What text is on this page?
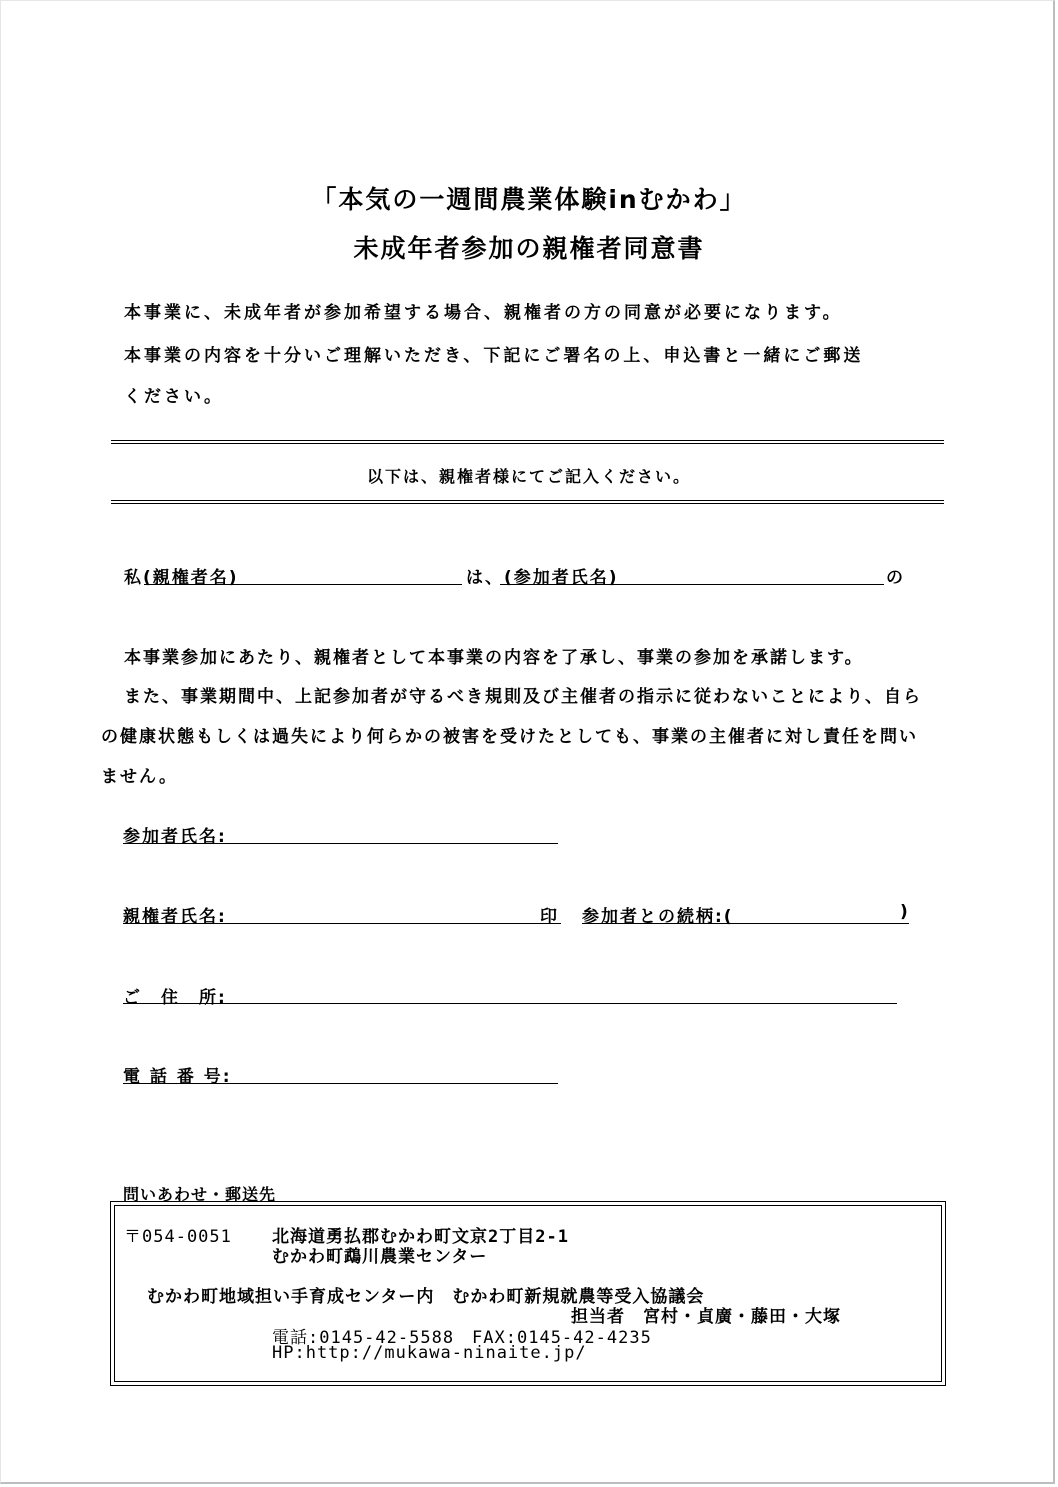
「本気の一週間農業体験inむかわ」
未成年者参加の親権者同意書
本事業に、未成年者が参加希望する場合、親権者の方の同意が必要になります。
本事業の内容を十分いご理解いただき、下記にご署名の上、申込書と一緒にご郵送
ください。
以下は、親権者様にてご記入ください。
私(親権者名)	は、(参加者氏名)	の
本事業参加にあたり、親権者として本事業の内容を了承し、事業の参加を承諾します。
また、事業期間中、上記参加者が守るべき規則及び主催者の指示に従わないことにより、自ら
の健康状態もしくは過失により何らかの被害を受けたとしても、事業の主催者に対し責任を問い
ません。
参加者氏名:
親権者氏名:	印 参加者との続柄:(	)
ご　住　所:
電 話 番 号:
問いあわせ・郵送先
〒054-0051 北海道勇払郡むかわ町文京2丁目2-1
むかわ町鵡川農業センター
むかわ町地域担い手育成センター内　むかわ町新規就農等受入協議会
担当者　宮村・貞廣・藤田・大塚
電話:0145-42-5588　FAX:0145-42-4235
HP:http://mukawa-ninaite.jp/
